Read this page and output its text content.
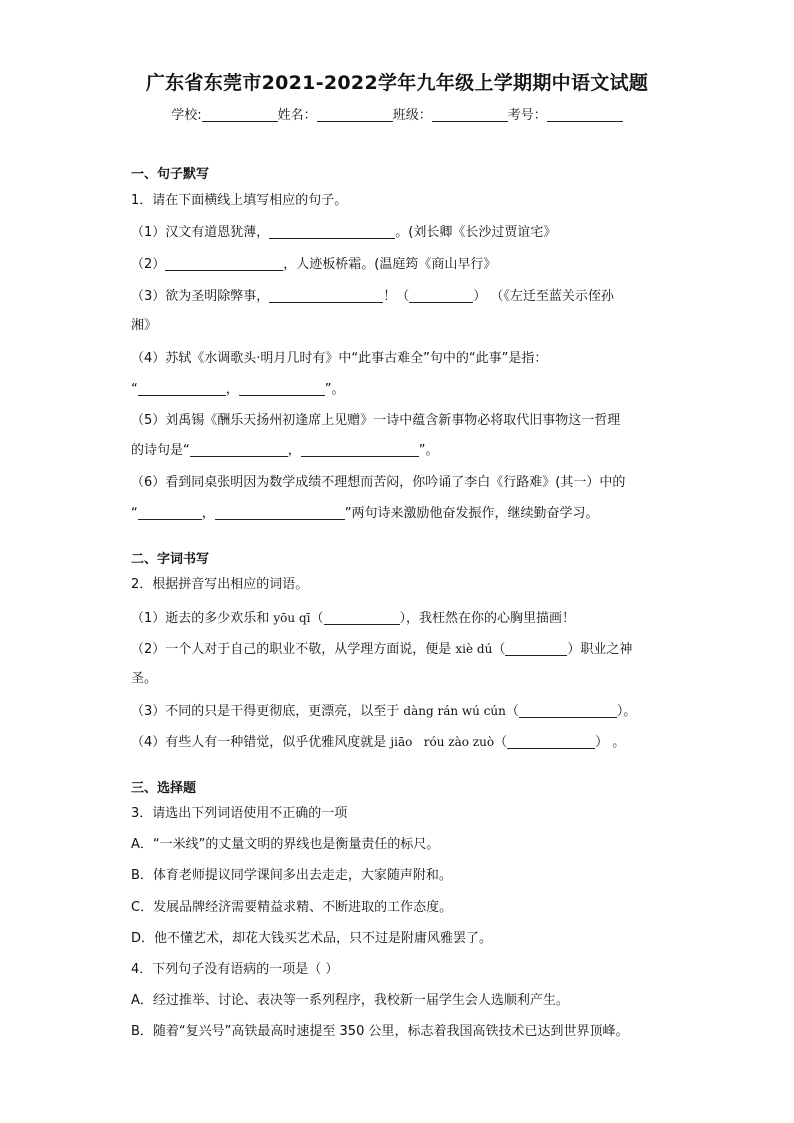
广东省东莞市2021-2022学年九年级上学期期中语文试题
学校:	姓名：	班级：	考号：
一、句子默写
1．请在下面横线上填写相应的句子。
（1）汉文有道恩犹薄，	。(刘长卿《长沙过贾谊宅》
（2）	，人迹板桥霜。(温庭筠《商山早行》
（3）欲为圣明除弊事，	！（	） （《左迁至蓝关示侄孙
湘》
（4）苏轼《水调歌头·明月几时有》中“此事古难全”句中的“此事”是指：
“	，	”。
（5）刘禹锡《酬乐天扬州初逢席上见赠》一诗中蕴含新事物必将取代旧事物这一哲理
的诗句是“	，	”。
（6）看到同桌张明因为数学成绩不理想而苦闷，你吟诵了李白《行路难》(其一）中的
“	，	”两句诗来激励他奋发振作，继续勤奋学习。
二、字词书写
2．根据拼音写出相应的词语。
（1）逝去的多少欢乐和 yōu qī（	），我枉然在你的心胸里描画！
（2）一个人对于自己的职业不敬，从学理方面说，便是 xiè dú（	）职业之神
圣。
（3）不同的只是干得更彻底，更漂亮，以至于 dàng rán wú cún（	）。
（4）有些人有一种错觉，似乎优雅风度就是 jiāo   róu zào zuò（	） 。
三、选择题
3．请选出下列词语使用不正确的一项
A．“一米线”的丈量文明的界线也是衡量责任的标尺。
B．体育老师提议同学课间多出去走走，大家随声附和。
C．发展品牌经济需要精益求精、不断进取的工作态度。
D．他不懂艺术，却花大钱买艺术品，只不过是附庸风雅罢了。
4．下列句子没有语病的一项是（ ）
A．经过推举、讨论、表决等一系列程序，我校新一届学生会人选顺利产生。
B．随着“复兴号”高铁最高时速提至 350 公里，标志着我国高铁技术已达到世界顶峰。
